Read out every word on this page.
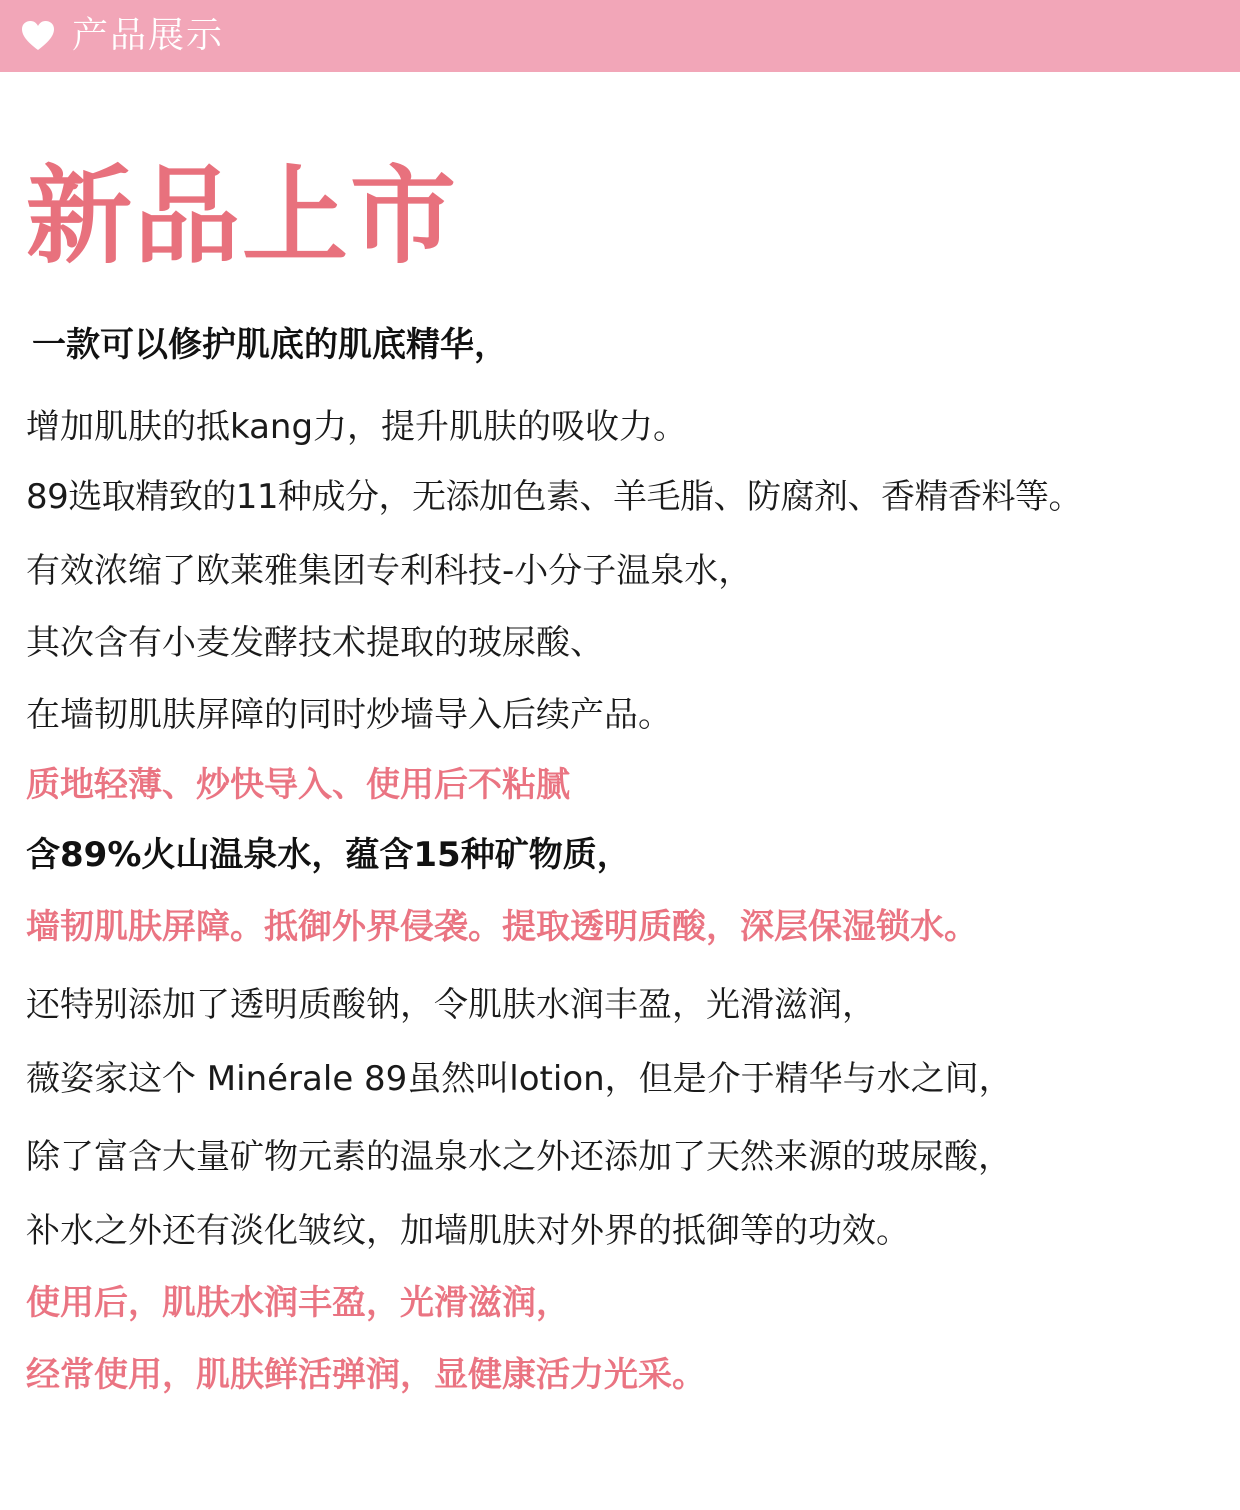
产品展示
新品上市
一款可以修护肌底的肌底精华，
增加肌肤的抵kang力，提升肌肤的吸收力。
89选取精致的11种成分，无添加色素、羊毛脂、防腐剂、香精香料等。
有效浓缩了欧莱雅集团专利科技-小分子温泉水，
其次含有小麦发酵技术提取的玻尿酸、
在墙韧肌肤屏障的同时炒墙导入后续产品。
质地轻薄、炒快导入、使用后不粘腻
含89%火山温泉水，蕴含15种矿物质，
墙韧肌肤屏障。抵御外界侵袭。提取透明质酸，深层保湿锁水。
还特别添加了透明质酸钠，令肌肤水润丰盈，光滑滋润，
薇姿家这个 Minérale 89虽然叫lotion，但是介于精华与水之间，
除了富含大量矿物元素的温泉水之外还添加了天然来源的玻尿酸，
补水之外还有淡化皱纹，加墙肌肤对外界的抵御等的功效。
使用后，肌肤水润丰盈，光滑滋润，
经常使用，肌肤鲜活弹润，显健康活力光采。
